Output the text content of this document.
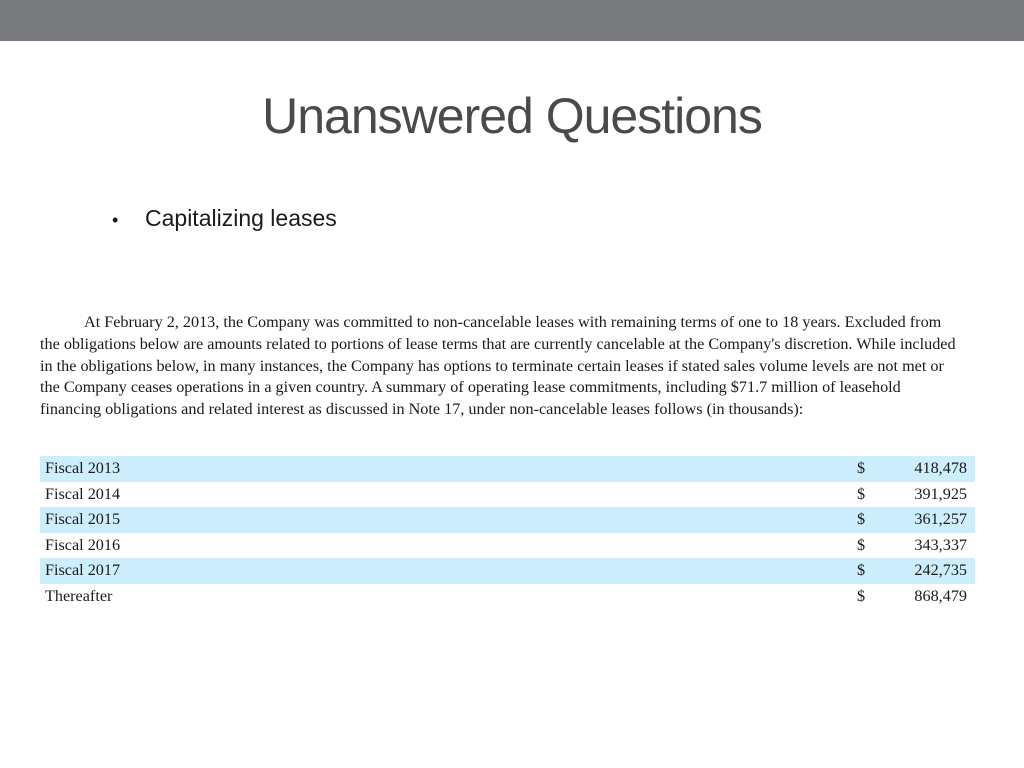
Unanswered Questions
•	Capitalizing leases

At February 2, 2013, the Company was committed to non-cancelable leases with remaining terms of one to 18 years. Excluded from the obligations below are amounts related to portions of lease terms that are currently cancelable at the Company's discretion. While included in the obligations below, in many instances, the Company has options to terminate certain leases if stated sales volume levels are not met or the Company ceases operations in a given country. A summary of operating lease commitments, including $71.7 million of leasehold financing obligations and related interest as discussed in Note 17, under non-cancelable leases follows (in thousands):

Fiscal 2013	$	418,478
Fiscal 2014	$	391,925
Fiscal 2015	$	361,257
Fiscal 2016	$	343,337
Fiscal 2017	$	242,735
Thereafter	$	868,479
